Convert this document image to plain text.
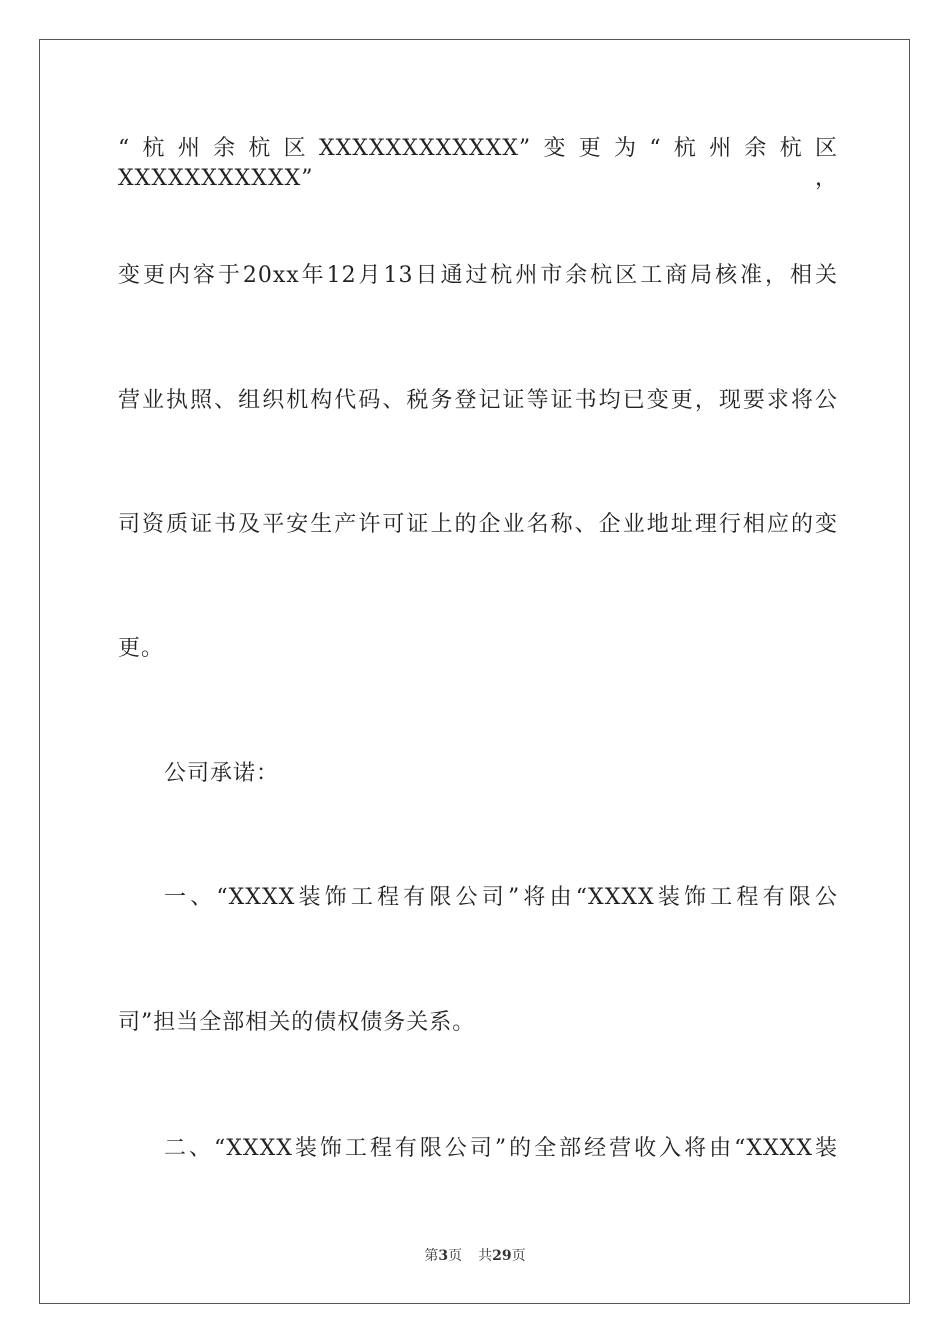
“杭州余杭区XXXXXXXXXXXX”变更为“杭州余杭区XXXXXXXXXXX”，
变更内容于20xx年12月13日通过杭州市余杭区工商局核准，相关
营业执照、组织机构代码、税务登记证等证书均已变更，现要求将公
司资质证书及平安生产许可证上的企业名称、企业地址理行相应的变
更。
公司承诺：
一、“XXXX装饰工程有限公司”将由“XXXX装饰工程有限公
司”担当全部相关的债权债务关系。
二、“XXXX装饰工程有限公司”的全部经营收入将由“XXXX装
第3页 共29页
